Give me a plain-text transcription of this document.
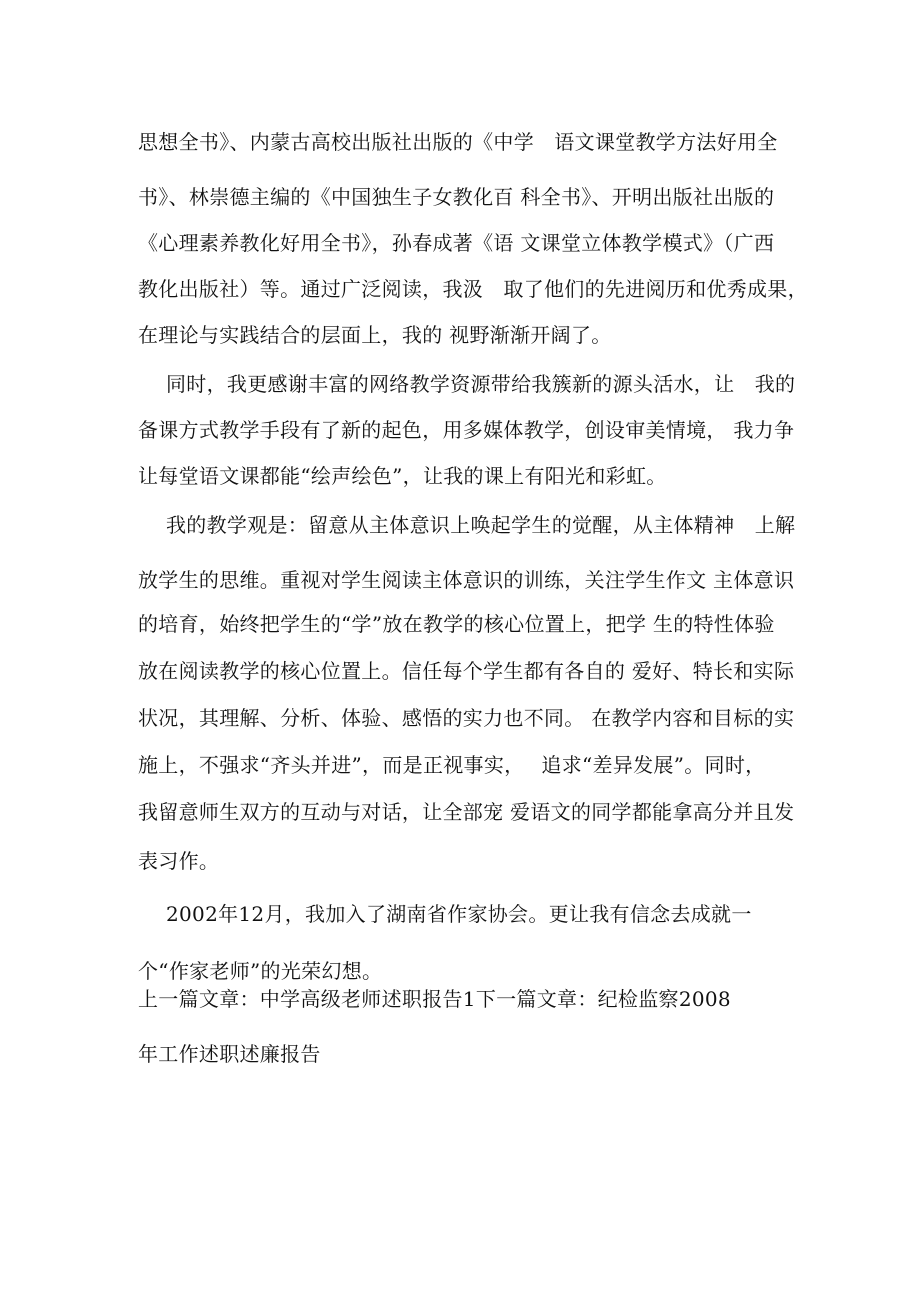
思想全书》、内蒙古高校出版社出版的《中学　语文课堂教学方法好用全
书》、林崇德主编的《中国独生子女教化百 科全书》、开明出版社出版的
《心理素养教化好用全书》，孙春成著《语 文课堂立体教学模式》（广西
教化出版社）等。通过广泛阅读，我汲　取了他们的先进阅历和优秀成果，
在理论与实践结合的层面上，我的 视野渐渐开阔了。
同时，我更感谢丰富的网络教学资源带给我簇新的源头活水，让　我的
备课方式教学手段有了新的起色，用多媒体教学，创设审美情境， 我力争
让每堂语文课都能“绘声绘色”，让我的课上有阳光和彩虹。
我的教学观是：留意从主体意识上唤起学生的觉醒，从主体精神　上解
放学生的思维。重视对学生阅读主体意识的训练，关注学生作文 主体意识
的培育，始终把学生的“学”放在教学的核心位置上，把学 生的特性体验
放在阅读教学的核心位置上。信任每个学生都有各自的 爱好、特长和实际
状况，其理解、分析、体验、感悟的实力也不同。 在教学内容和目标的实
施上，不强求“齐头并进”，而是正视事实，　 追求“差异发展”。同时，
我留意师生双方的互动与对话，让全部宠 爱语文的同学都能拿高分并且发
表习作。
2002年12月，我加入了湖南省作家协会。更让我有信念去成就一
个“作家老师”的光荣幻想。
上一篇文章：中学高级老师述职报告1下一篇文章：纪检监察2008
年工作述职述廉报告
